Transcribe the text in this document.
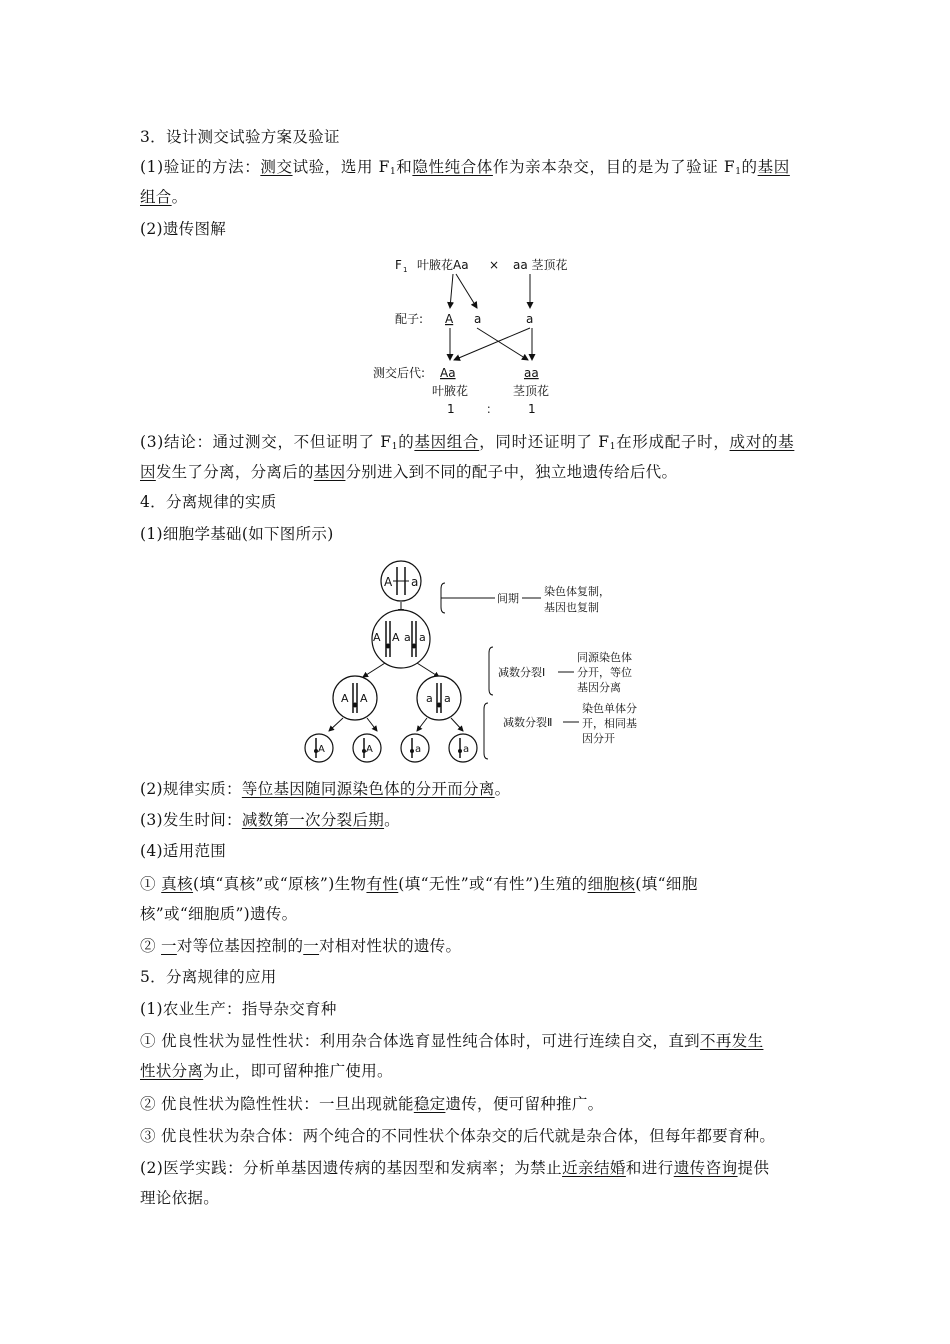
3．设计测交试验方案及验证
(1)验证的方法：测交试验，选用 $F_1$和隐性纯合体作为亲本杂交，目的是为了验证 $F_1$的基因
组合。
(2)遗传图解
F 1 叶腋花Aa × aa 茎顶花
配子: A a	a
测交后代: Aa	aa
叶腋花	茎顶花
1	： 1
(3)结论：通过测交，不但证明了 $F_1$的基因组合，同时还证明了 $F_1$在形成配子时，成对的基
因发生了分离，分离后的基因分别进入到不同的配子中，独立地遗传给后代。
4．分离规律的实质
(1)细胞学基础(如下图所示)
A a
A A a a
A A	a a
A	A	a	a
间期
染色体复制，
基因也复制
减数分裂Ⅰ
同源染色体
分开，等位
基因分离
减数分裂Ⅱ
染色单体分
开，相同基
因分开
(2)规律实质：等位基因随同源染色体的分开而分离。
(3)发生时间：减数第一次分裂后期。
(4)适用范围
① 真核(填“真核”或“原核”)生物有性(填“无性”或“有性”)生殖的细胞核(填“细胞
核”或“细胞质”)遗传。
② 一对等位基因控制的一对相对性状的遗传。
5．分离规律的应用
(1)农业生产：指导杂交育种
① 优良性状为显性性状：利用杂合体选育显性纯合体时，可进行连续自交，直到不再发生
性状分离为止，即可留种推广使用。
② 优良性状为隐性性状：一旦出现就能稳定遗传，便可留种推广。
③ 优良性状为杂合体：两个纯合的不同性状个体杂交的后代就是杂合体，但每年都要育种。
(2)医学实践：分析单基因遗传病的基因型和发病率；为禁止近亲结婚和进行遗传咨询提供
理论依据。
